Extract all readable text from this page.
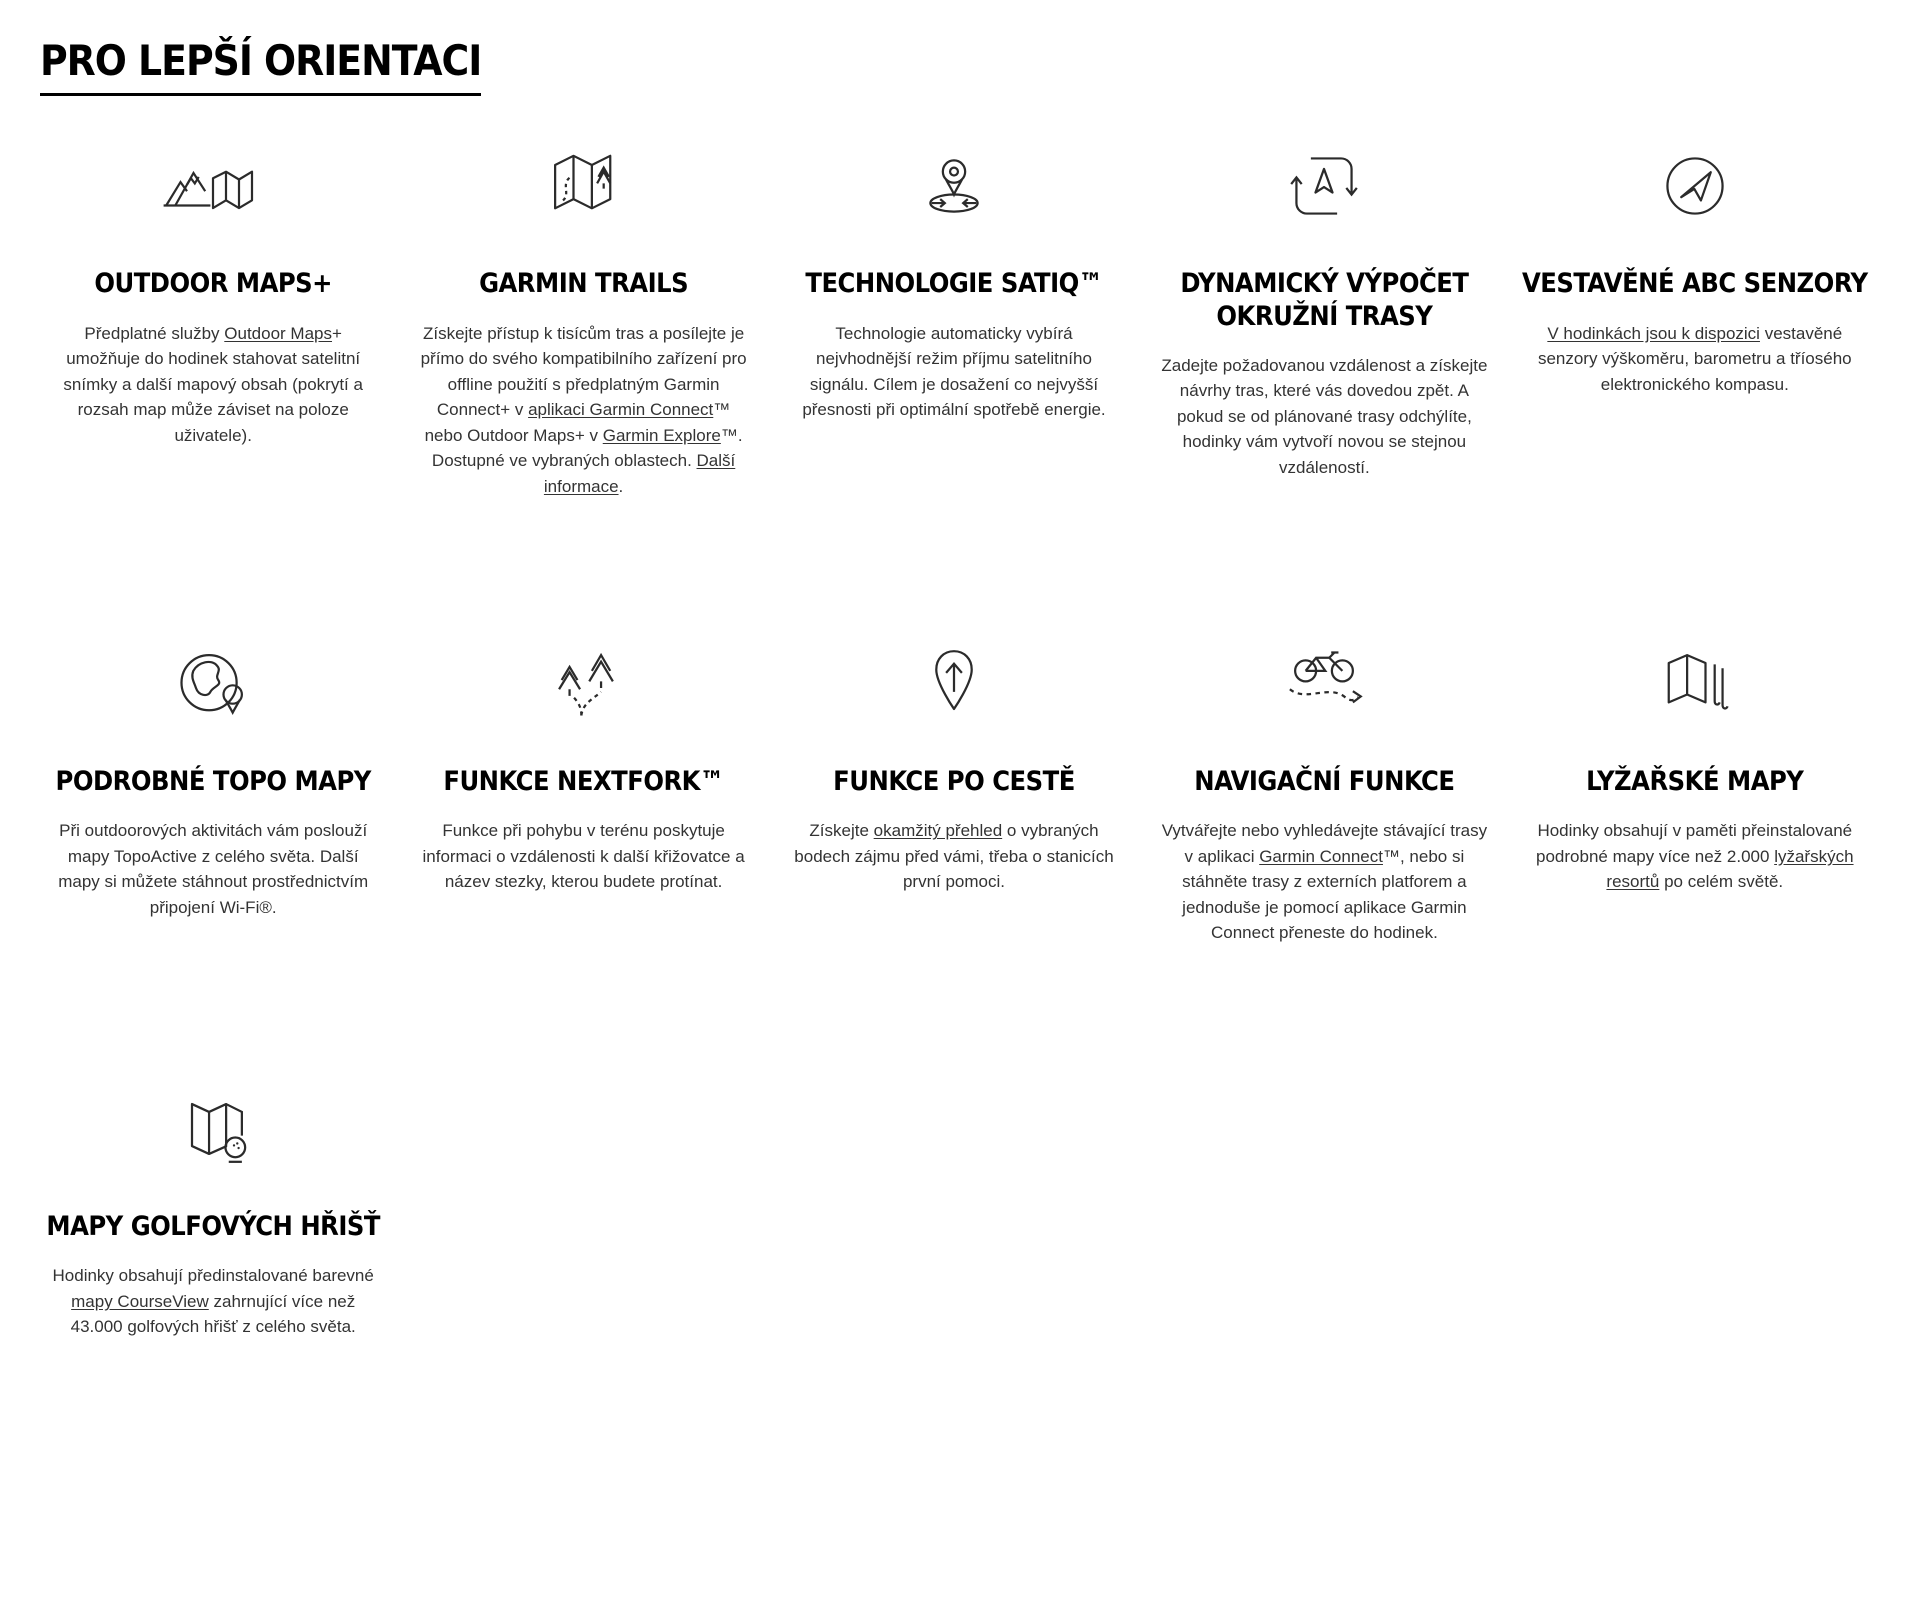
PRO LEPŠÍ ORIENTACI
OUTDOOR MAPS+

Předplatné služby Outdoor Maps+ umožňuje do hodinek stahovat satelitní snímky a další mapový obsah (pokrytí a rozsah map může záviset na poloze uživatele).

GARMIN TRAILS

Získejte přístup k tisícům tras a posílejte je přímo do svého kompatibilního zařízení pro offline použití s předplatným Garmin Connect+ v aplikaci Garmin Connect™ nebo Outdoor Maps+ v Garmin Explore™. Dostupné ve vybraných oblastech. Další informace.

TECHNOLOGIE SATIQ™

Technologie automaticky vybírá nejvhodnější režim příjmu satelitního signálu. Cílem je dosažení co nejvyšší přesnosti při optimální spotřebě energie.

DYNAMICKÝ VÝPOČET OKRUŽNÍ TRASY

Zadejte požadovanou vzdálenost a získejte návrhy tras, které vás dovedou zpět. A pokud se od plánované trasy odchýlíte, hodinky vám vytvoří novou se stejnou vzdáleností.

VESTAVĚNÉ ABC SENZORY

V hodinkách jsou k dispozici vestavěné senzory výškoměru, barometru a tříosého elektronického kompasu.

PODROBNÉ TOPO MAPY

Při outdoorových aktivitách vám poslouží mapy TopoActive z celého světa. Další mapy si můžete stáhnout prostřednictvím připojení Wi-Fi®.

FUNKCE NEXTFORK™

Funkce při pohybu v terénu poskytuje informaci o vzdálenosti k další křižovatce a název stezky, kterou budete protínat.

FUNKCE PO CESTĚ

Získejte okamžitý přehled o vybraných bodech zájmu před vámi, třeba o stanicích první pomoci.

NAVIGAČNÍ FUNKCE

Vytvářejte nebo vyhledávejte stávající trasy v aplikaci Garmin Connect™, nebo si stáhněte trasy z externích platforem a jednoduše je pomocí aplikace Garmin Connect přeneste do hodinek.

LYŽAŘSKÉ MAPY

Hodinky obsahují v paměti přeinstalované podrobné mapy více než 2.000 lyžařských resortů po celém světě.

MAPY GOLFOVÝCH HŘIŠŤ

Hodinky obsahují předinstalované barevné mapy CourseView zahrnující více než 43.000 golfových hřišť z celého světa.
